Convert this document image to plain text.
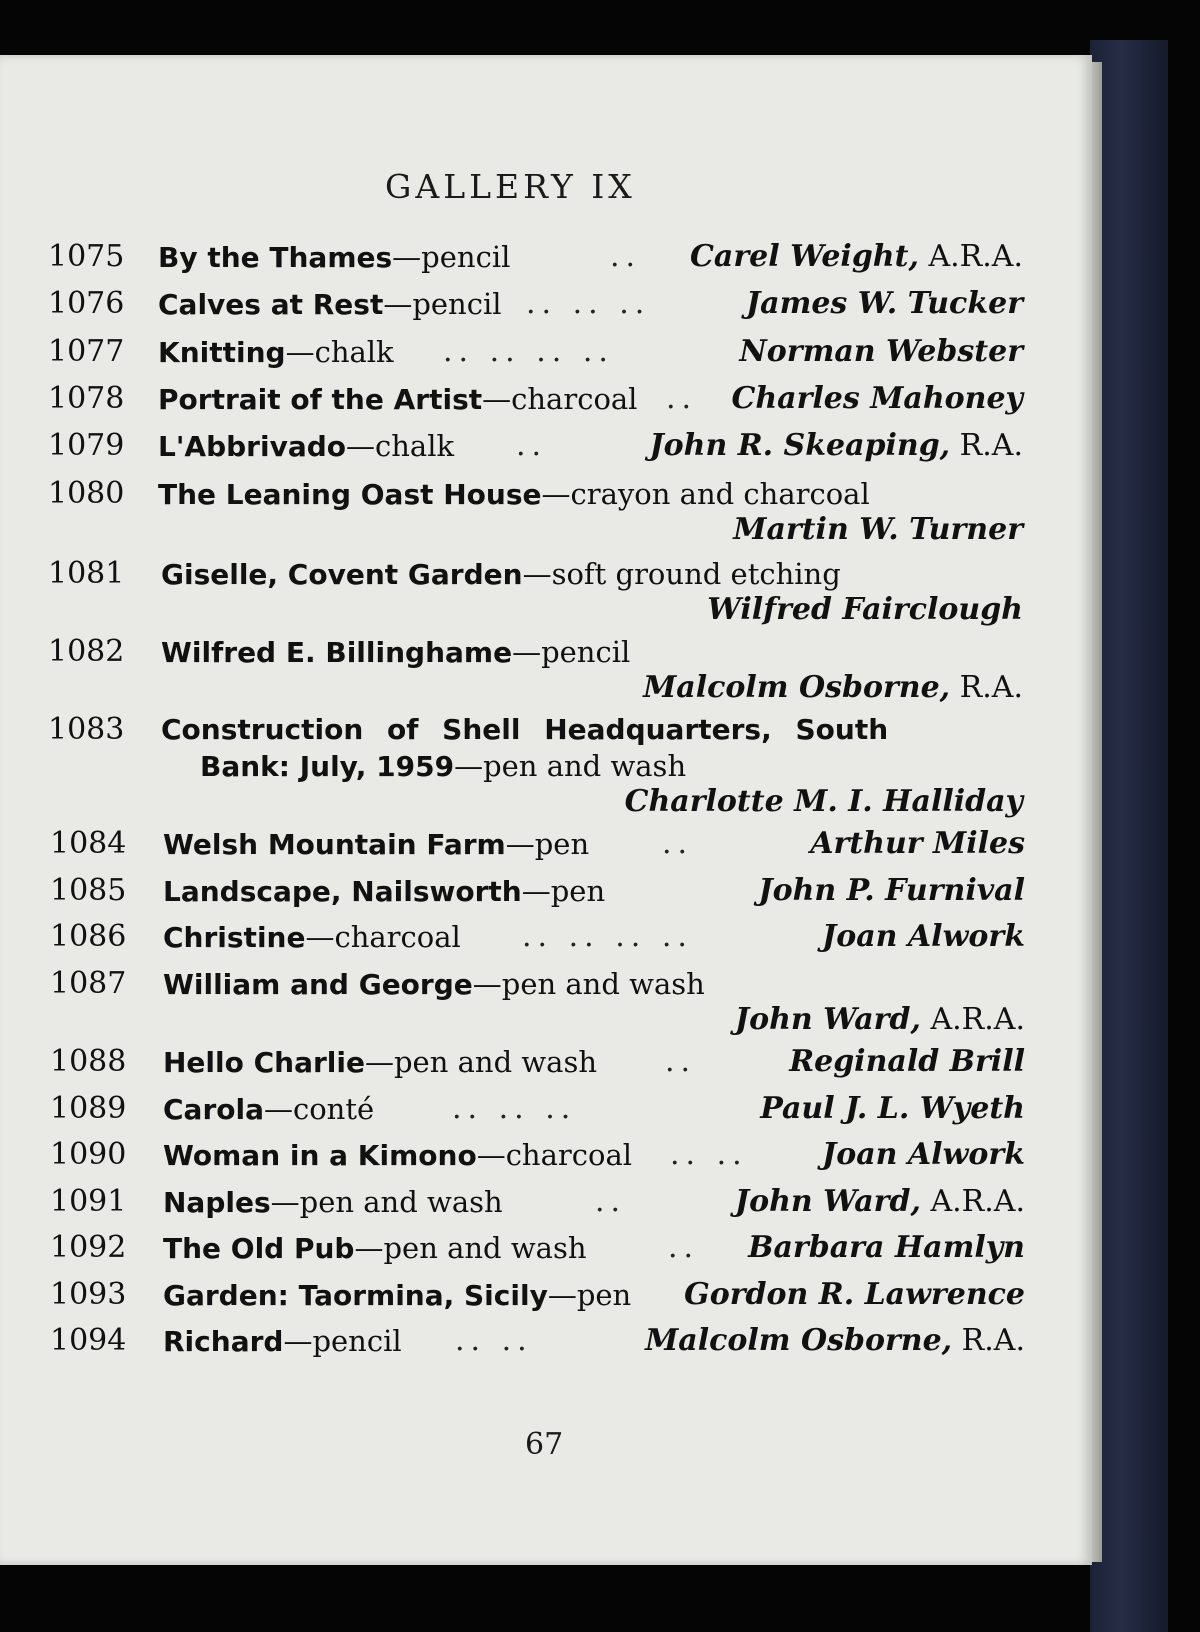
GALLERY IX
1075 By the Thames—pencil	.. Carel Weight, A.R.A.
1076 Calves at Rest—pencil .. .. ..	James W. Tucker
1077 Knitting—chalk .. .. .. ..	Norman Webster
1078 Portrait of the Artist—charcoal .. Charles Mahoney
1079 L'Abbrivado—chalk ..	John R. Skeaping, R.A.
1080 The Leaning Oast House—crayon and charcoal
Martin W. Turner
1081 Giselle, Covent Garden—soft ground etching
Wilfred Fairclough
1082 Wilfred E. Billinghame—pencil
Malcolm Osborne, R.A.
1083 Construction of Shell Headquarters, South
Bank: July, 1959—pen and wash
Charlotte M. I. Halliday
1084 Welsh Mountain Farm—pen ..	Arthur Miles
1085 Landscape, Nailsworth—pen	John P. Furnival
1086 Christine—charcoal .. .. .. ..	Joan Alwork
1087 William and George—pen and wash
John Ward, A.R.A.
1088 Hello Charlie—pen and wash ..	Reginald Brill
1089 Carola—conté	.. .. ..	Paul J. L. Wyeth
1090 Woman in a Kimono—charcoal .. .. Joan Alwork
1091 Naples—pen and wash	..	John Ward, A.R.A.
1092 The Old Pub—pen and wash	.. Barbara Hamlyn
1093 Garden: Taormina, Sicily—pen Gordon R. Lawrence
1094 Richard—pencil .. ..	Malcolm Osborne, R.A.
67
